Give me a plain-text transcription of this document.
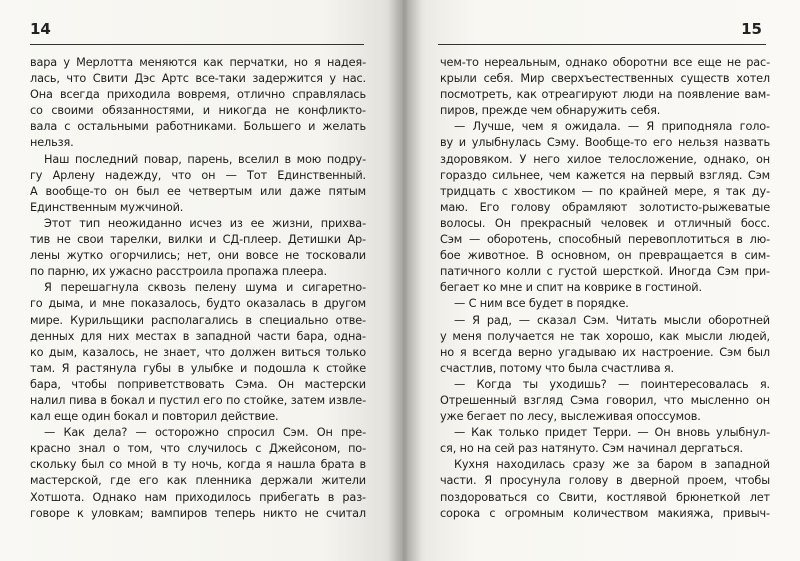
14
вара у Мерлотта меняются как перчатки, но я надея-
лась, что Свити Дэс Артс все-таки задержится у нас.
Она всегда приходила вовремя, отлично справлялась
со своими обязанностями, и никогда не конфликто-
вала с остальными работниками. Большего и желать
нельзя.
Наш последний повар, парень, вселил в мою подру-
гу Арлену надежду, что он — Тот Единственный.
А вообще-то он был ее четвертым или даже пятым
Единственным мужчиной.
Этот тип неожиданно исчез из ее жизни, прихва-
тив не свои тарелки, вилки и СД-плеер. Детишки Ар-
лены жутко огорчились; нет, они вовсе не тосковали
по парню, их ужасно расстроила пропажа плеера.
Я перешагнула сквозь пелену шума и сигаретно-
го дыма, и мне показалось, будто оказалась в другом
мире. Курильщики располагались в специально отве-
денных для них местах в западной части бара, одна-
ко дым, казалось, не знает, что должен виться только
там. Я растянула губы в улыбке и подошла к стойке
бара, чтобы поприветствовать Сэма. Он мастерски
налил пива в бокал и пустил его по стойке, затем извле-
кал еще один бокал и повторил действие.
— Как дела? — осторожно спросил Сэм. Он пре-
красно знал о том, что случилось с Джейсоном, по-
скольку был со мной в ту ночь, когда я нашла брата в
мастерской, где его как пленника держали жители
Хотшота. Однако нам приходилось прибегать в раз-
говоре к уловкам; вампиров теперь никто не считал
15
чем-то нереальным, однако оборотни все еще не рас-
крыли себя. Мир сверхъестественных существ хотел
посмотреть, как отреагируют люди на появление вам-
пиров, прежде чем обнаружить себя.
— Лучше, чем я ожидала. — Я приподняла голо-
ву и улыбнулась Сэму. Вообще-то его нельзя назвать
здоровяком. У него хилое телосложение, однако, он
гораздо сильнее, чем кажется на первый взгляд. Сэм
тридцать с хвостиком — по крайней мере, я так ду-
маю. Его голову обрамляют золотисто-рыжеватые
волосы. Он прекрасный человек и отличный босс.
Сэм — оборотень, способный перевоплотиться в лю-
бое животное. В основном, он превращается в сим-
патичного колли с густой шерсткой. Иногда Сэм при-
бегает ко мне и спит на коврике в гостиной.
— С ним все будет в порядке.
— Я рад, — сказал Сэм. Читать мысли оборотней
у меня получается не так хорошо, как мысли людей,
но я всегда верно угадываю их настроение. Сэм был
счастлив, потому что была счастлива я.
— Когда ты уходишь? — поинтересовалась я.
Отрешенный взгляд Сэма говорил, что мысленно он
уже бегает по лесу, выслеживая опоссумов.
— Как только придет Терри. — Он вновь улыбнул-
ся, но на сей раз натянуто. Сэм начинал дергаться.
Кухня находилась сразу же за баром в западной
части. Я просунула голову в дверной проем, чтобы
поздороваться со Свити, костлявой брюнеткой лет
сорока с огромным количеством макияжа, привыч-
